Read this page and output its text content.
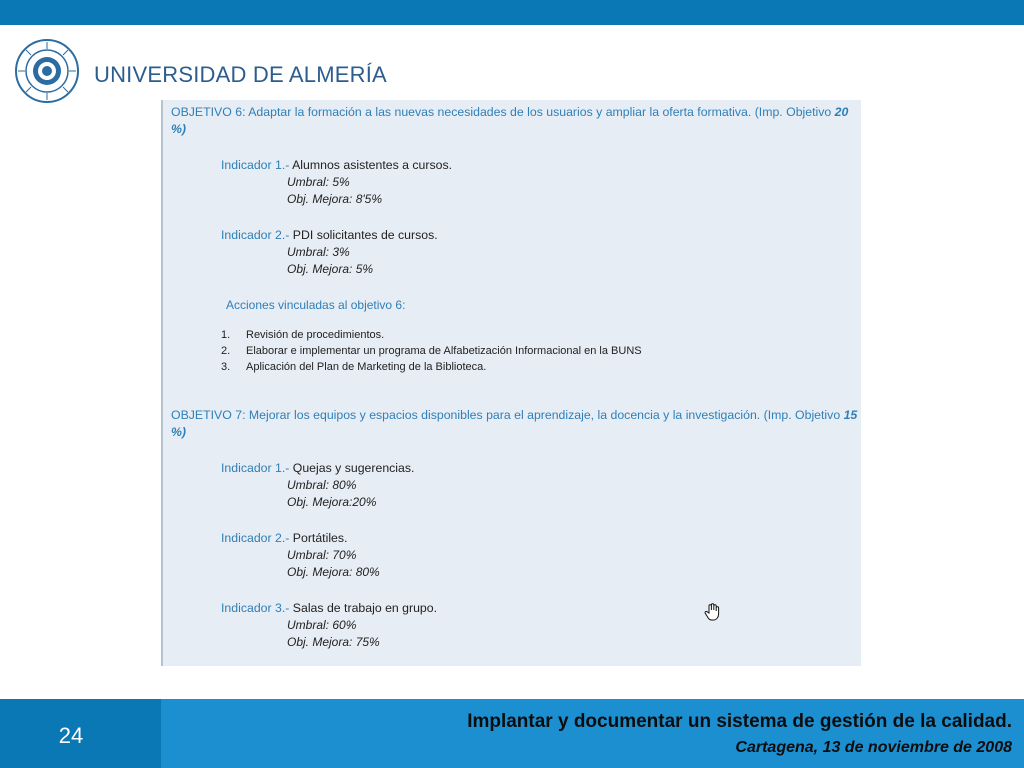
UNIVERSIDAD DE ALMERÍA
OBJETIVO 6: Adaptar la formación a las nuevas necesidades de los usuarios y ampliar la oferta formativa. (Imp. Objetivo 20 %)
Indicador 1.- Alumnos asistentes a cursos.
Umbral: 5%
Obj. Mejora: 8'5%
Indicador 2.- PDI solicitantes de cursos.
Umbral: 3%
Obj. Mejora: 5%
Acciones vinculadas al objetivo 6:
1. Revisión de procedimientos.
2. Elaborar e implementar un programa de Alfabetización Informacional en la BUNS
3. Aplicación del Plan de Marketing de la Biblioteca.
OBJETIVO 7: Mejorar los equipos y espacios disponibles para el aprendizaje, la docencia y la investigación. (Imp. Objetivo 15 %)
Indicador 1.- Quejas y sugerencias.
Umbral: 80%
Obj. Mejora:20%
Indicador 2.- Portátiles.
Umbral: 70%
Obj. Mejora: 80%
Indicador 3.- Salas de trabajo en grupo.
Umbral: 60%
Obj. Mejora: 75%
24
Implantar y documentar un sistema de gestión de la calidad.
Cartagena, 13 de noviembre de 2008
